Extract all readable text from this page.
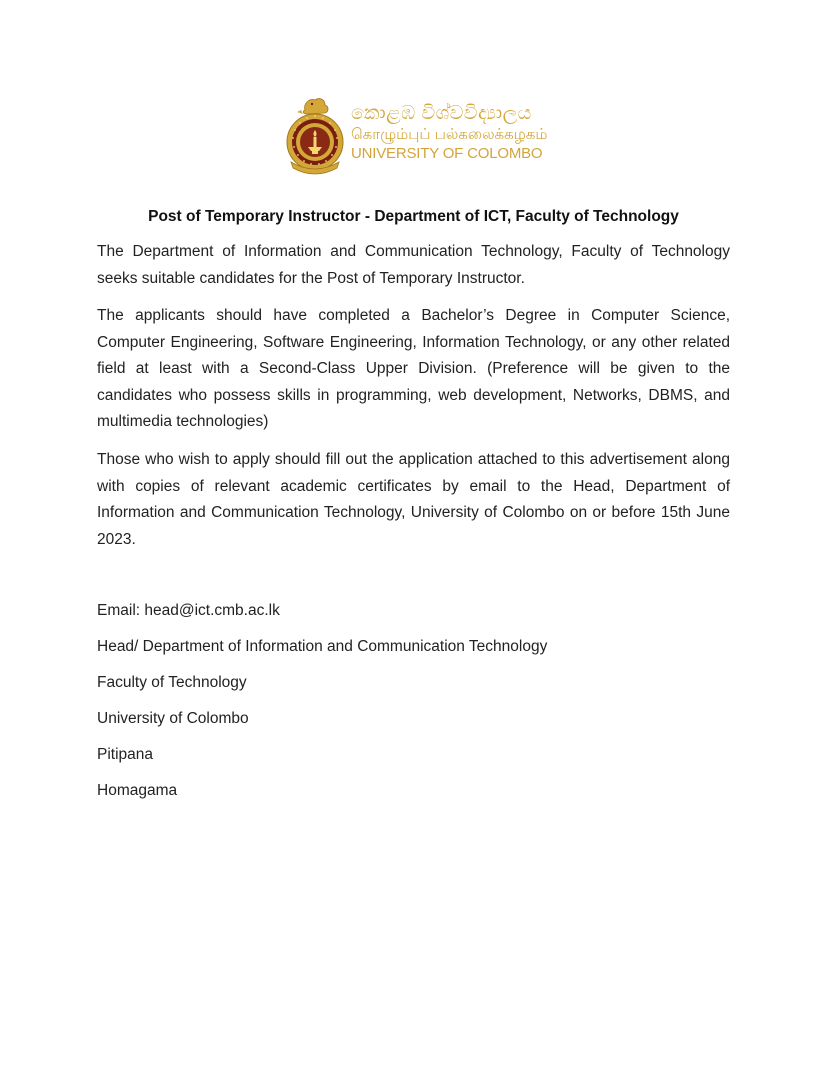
කොළඹ විශ්වවිද්‍යාලය
கொழும்புப் பல்கலைக்கழகம்
UNIVERSITY OF COLOMBO
Post of Temporary Instructor - Department of ICT, Faculty of Technology
The Department of Information and Communication Technology, Faculty of Technology seeks suitable candidates for the Post of Temporary Instructor.
The applicants should have completed a Bachelor’s Degree in Computer Science, Computer Engineering, Software Engineering, Information Technology, or any other related field at least with a Second-Class Upper Division. (Preference will be given to the candidates who possess skills in programming, web development, Networks, DBMS, and multimedia technologies)
Those who wish to apply should fill out the application attached to this advertisement along with copies of relevant academic certificates by email to the Head, Department of Information and Communication Technology, University of Colombo on or before 15th June 2023.
Email: head@ict.cmb.ac.lk
Head/ Department of Information and Communication Technology
Faculty of Technology
University of Colombo
Pitipana
Homagama
